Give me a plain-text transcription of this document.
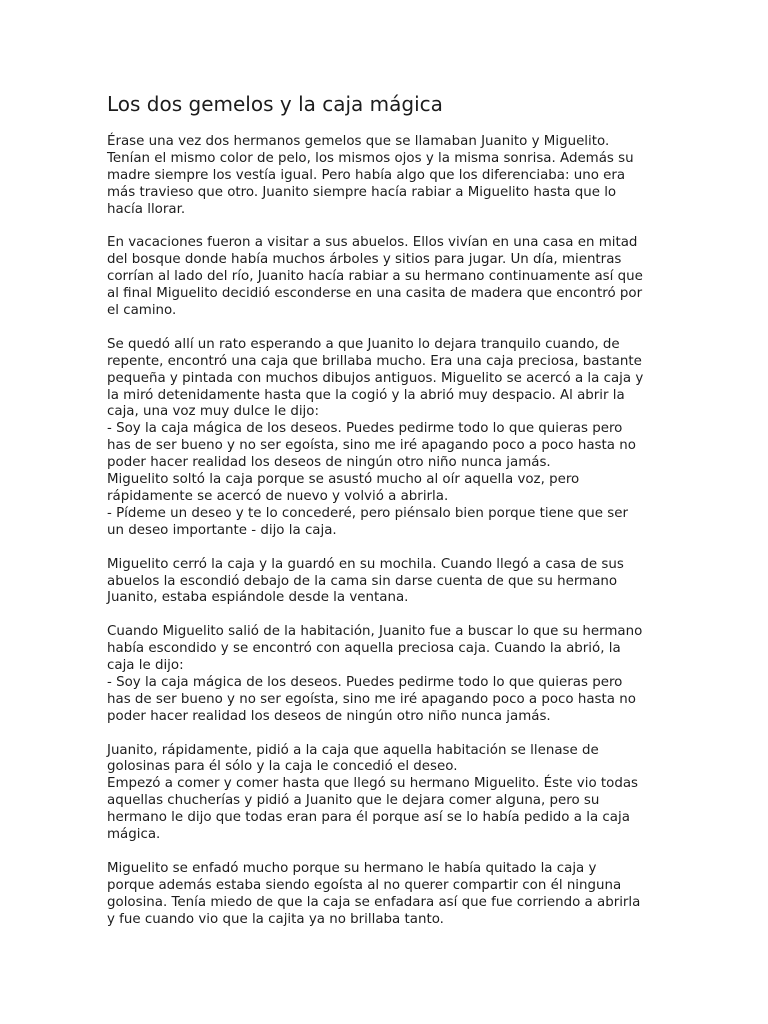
Los dos gemelos y la caja mágica

Érase una vez dos hermanos gemelos que se llamaban Juanito y Miguelito.
Tenían el mismo color de pelo, los mismos ojos y la misma sonrisa. Además su
madre siempre los vestía igual. Pero había algo que los diferenciaba: uno era
más travieso que otro. Juanito siempre hacía rabiar a Miguelito hasta que lo
hacía llorar.

En vacaciones fueron a visitar a sus abuelos. Ellos vivían en una casa en mitad
del bosque donde había muchos árboles y sitios para jugar. Un día, mientras
corrían al lado del río, Juanito hacía rabiar a su hermano continuamente así que
al final Miguelito decidió esconderse en una casita de madera que encontró por
el camino.

Se quedó allí un rato esperando a que Juanito lo dejara tranquilo cuando, de
repente, encontró una caja que brillaba mucho. Era una caja preciosa, bastante
pequeña y pintada con muchos dibujos antiguos. Miguelito se acercó a la caja y
la miró detenidamente hasta que la cogió y la abrió muy despacio. Al abrir la
caja, una voz muy dulce le dijo:
- Soy la caja mágica de los deseos. Puedes pedirme todo lo que quieras pero
has de ser bueno y no ser egoísta, sino me iré apagando poco a poco hasta no
poder hacer realidad los deseos de ningún otro niño nunca jamás.
Miguelito soltó la caja porque se asustó mucho al oír aquella voz, pero
rápidamente se acercó de nuevo y volvió a abrirla.
- Pídeme un deseo y te lo concederé, pero piénsalo bien porque tiene que ser
un deseo importante - dijo la caja.

Miguelito cerró la caja y la guardó en su mochila. Cuando llegó a casa de sus
abuelos la escondió debajo de la cama sin darse cuenta de que su hermano
Juanito, estaba espiándole desde la ventana.

Cuando Miguelito salió de la habitación, Juanito fue a buscar lo que su hermano
había escondido y se encontró con aquella preciosa caja. Cuando la abrió, la
caja le dijo:
- Soy la caja mágica de los deseos. Puedes pedirme todo lo que quieras pero
has de ser bueno y no ser egoísta, sino me iré apagando poco a poco hasta no
poder hacer realidad los deseos de ningún otro niño nunca jamás.

Juanito, rápidamente, pidió a la caja que aquella habitación se llenase de
golosinas para él sólo y la caja le concedió el deseo.
Empezó a comer y comer hasta que llegó su hermano Miguelito. Éste vio todas
aquellas chucherías y pidió a Juanito que le dejara comer alguna, pero su
hermano le dijo que todas eran para él porque así se lo había pedido a la caja
mágica.

Miguelito se enfadó mucho porque su hermano le había quitado la caja y
porque además estaba siendo egoísta al no querer compartir con él ninguna
golosina. Tenía miedo de que la caja se enfadara así que fue corriendo a abrirla
y fue cuando vio que la cajita ya no brillaba tanto.
